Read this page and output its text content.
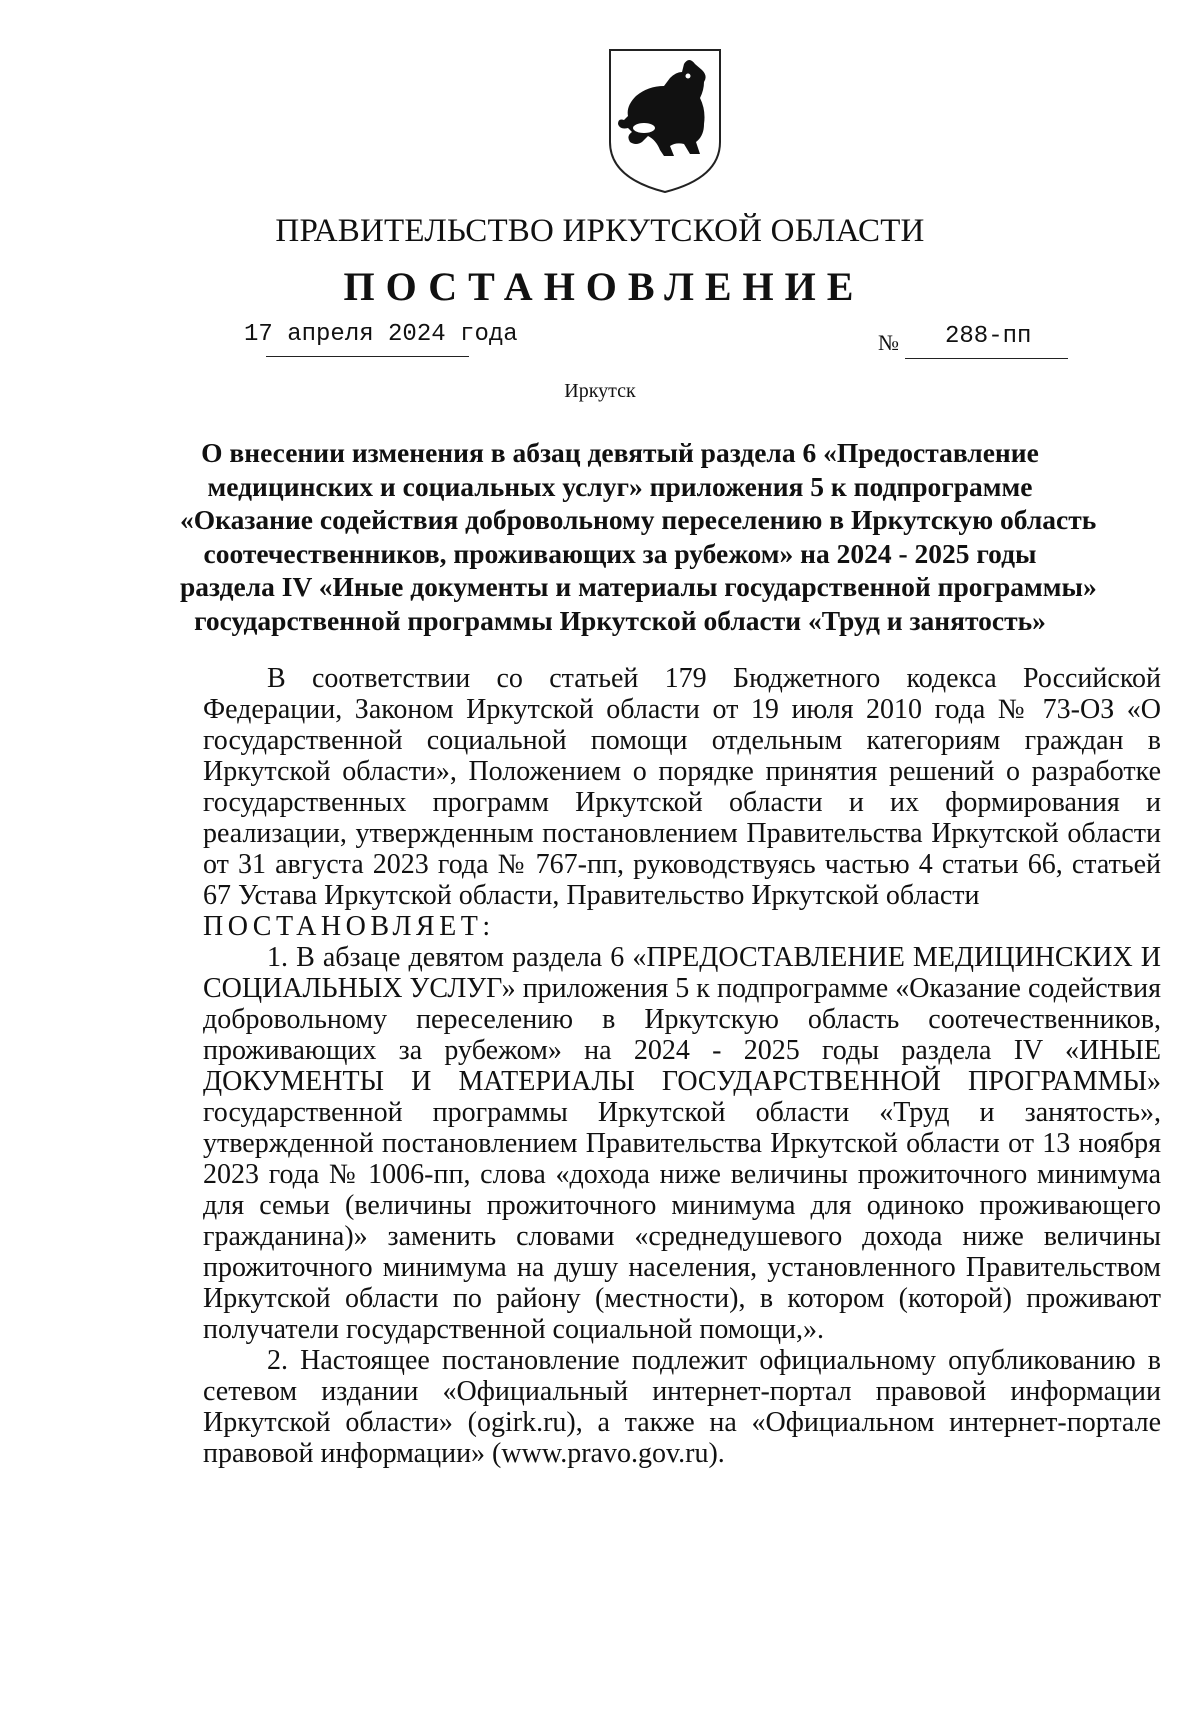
ПРАВИТЕЛЬСТВО ИРКУТСКОЙ ОБЛАСТИ
ПОСТАНОВЛЕНИЕ
17 апреля 2024 года	№ 288-пп
Иркутск
О внесении изменения в абзац девятый раздела 6 «Предоставление
медицинских и социальных услуг» приложения 5 к подпрограмме
«Оказание содействия добровольному переселению в Иркутскую область
соотечественников, проживающих за рубежом» на 2024 - 2025 годы
раздела IV «Иные документы и материалы государственной программы»
государственной программы Иркутской области «Труд и занятость»

В соответствии со статьей 179 Бюджетного кодекса Российской Федерации, Законом Иркутской области от 19 июля 2010 года № 73-ОЗ «О государственной социальной помощи отдельным категориям граждан в Иркутской области», Положением о порядке принятия решений о разработке государственных программ Иркутской области и их формирования и реализации, утвержденным постановлением Правительства Иркутской области от 31 августа 2023 года № 767-пп, руководствуясь частью 4 статьи 66, статьей 67 Устава Иркутской области, Правительство Иркутской области

ПОСТАНОВЛЯЕТ:

1. В абзаце девятом раздела 6 «ПРЕДОСТАВЛЕНИЕ МЕДИЦИНСКИХ И СОЦИАЛЬНЫХ УСЛУГ» приложения 5 к подпрограмме «Оказание содействия добровольному переселению в Иркутскую область соотечественников, проживающих за рубежом» на 2024 - 2025 годы раздела IV «ИНЫЕ ДОКУМЕНТЫ И МАТЕРИАЛЫ ГОСУДАРСТВЕННОЙ ПРОГРАММЫ» государственной программы Иркутской области «Труд и занятость», утвержденной постановлением Правительства Иркутской области от 13 ноября 2023 года № 1006-пп, слова «дохода ниже величины прожиточного минимума для семьи (величины прожиточного минимума для одиноко проживающего гражданина)» заменить словами «среднедушевого дохода ниже величины прожиточного минимума на душу населения, установленного Правительством Иркутской области по району (местности), в котором (которой) проживают получатели государственной социальной помощи,».

2. Настоящее постановление подлежит официальному опубликованию в сетевом издании «Официальный интернет-портал правовой информации Иркутской области» (ogirk.ru), а также на «Официальном интернет-портале правовой информации» (www.pravo.gov.ru).
